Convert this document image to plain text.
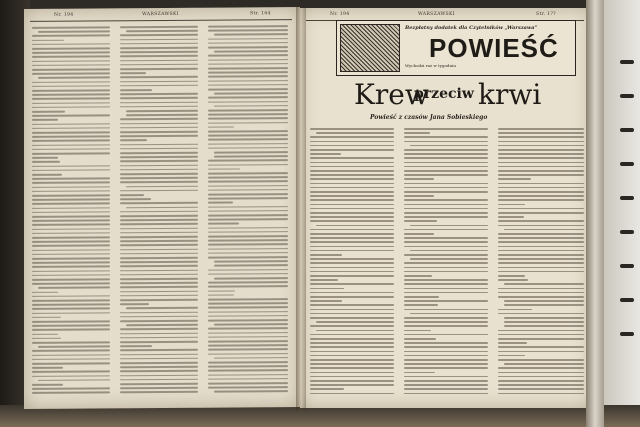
Nr. 194	WARSZAWSKI	Str. 164	Nr. 194	WARSZAWSKI	Str. 1??
Bezpłatny dodatek dla Czytelników „Warszawa”
POWIEŚĆ
Wychodzi raz w tygodniu
Krew
przeciw krwi
Powieść z czasów Jana Sobieskiego
